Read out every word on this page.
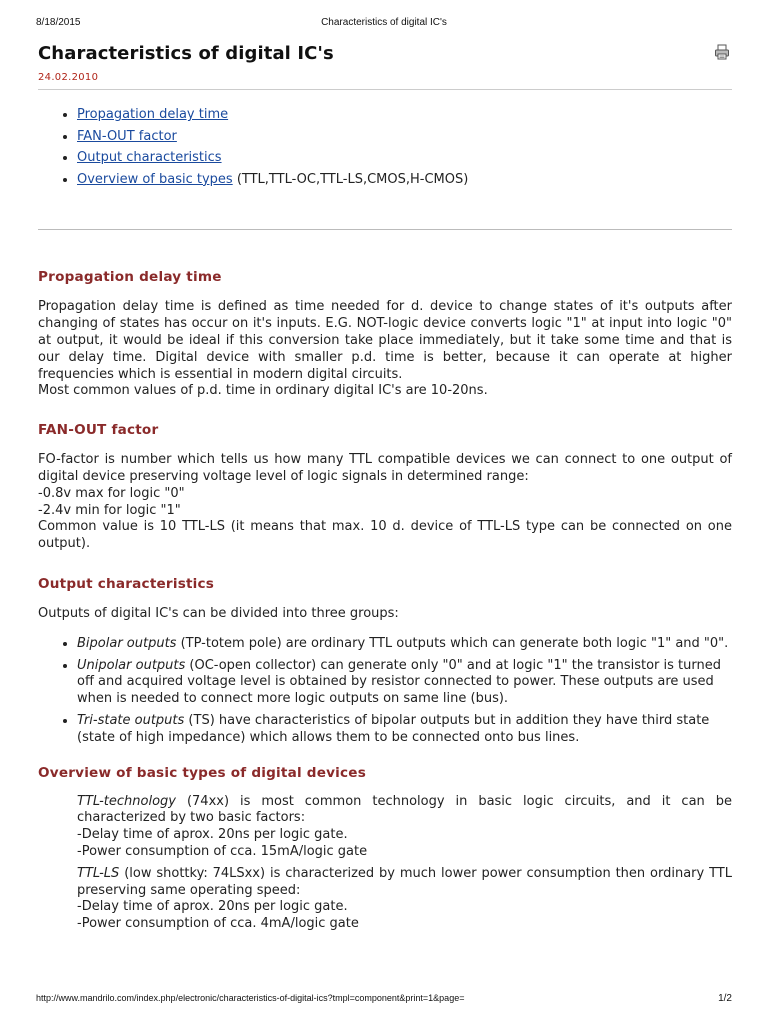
8/18/2015	Characteristics of digital IC's
Characteristics of digital IC's
24.02.2010
• Propagation delay time
• FAN-OUT factor
• Output characteristics
• Overview of basic types (TTL,TTL-OC,TTL-LS,CMOS,H-CMOS)
Propagation delay time

Propagation delay time is defined as time needed for d. device to change states of it's outputs after changing of states has occur on it's inputs. E.G. NOT-logic device converts logic "1" at input into logic "0" at output, it would be ideal if this conversion take place immediately, but it take some time and that is our delay time. Digital device with smaller p.d. time is better, because it can operate at higher frequencies which is essential in modern digital circuits.

Most common values of p.d. time in ordinary digital IC's are 10-20ns.

FAN-OUT factor

FO-factor is number which tells us how many TTL compatible devices we can connect to one output of digital device preserving voltage level of logic signals in determined range:

-0.8v max for logic "0"

-2.4v min for logic "1"

Common value is 10 TTL-LS (it means that max. 10 d. device of TTL-LS type can be connected on one output).

Output characteristics

Outputs of digital IC's can be divided into three groups:

• Bipolar outputs (TP-totem pole) are ordinary TTL outputs which can generate both logic "1" and "0".
• Unipolar outputs (OC-open collector) can generate only "0" and at logic "1" the transistor is turned off and acquired voltage level is obtained by resistor connected to power. These outputs are used when is needed to connect more logic outputs on same line (bus).
• Tri-state outputs (TS) have characteristics of bipolar outputs but in addition they have third state (state of high impedance) which allows them to be connected onto bus lines.
Overview of basic types of digital devices

TTL-technology (74xx) is most common technology in basic logic circuits, and it can be characterized by two basic factors:

-Delay time of aprox. 20ns per logic gate.

-Power consumption of cca. 15mA/logic gate

TTL-LS (low shottky: 74LSxx) is characterized by much lower power consumption then ordinary TTL preserving same operating speed:

-Delay time of aprox. 20ns per logic gate.

-Power consumption of cca. 4mA/logic gate

http://www.mandrilo.com/index.php/electronic/characteristics-of-digital-ics?tmpl=component&print=1&page=	1/2
